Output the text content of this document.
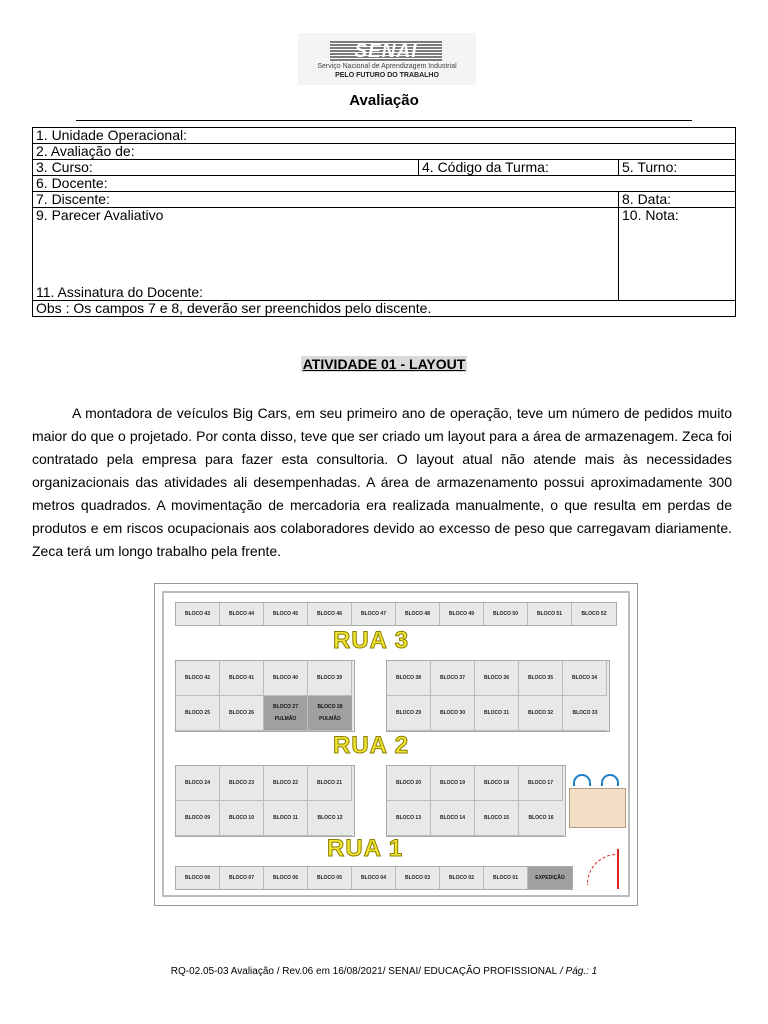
SENAI
Serviço Nacional de Aprendizagem Industrial
PELO FUTURO DO TRABALHO
Avaliação
1. Unidade Operacional:		
2. Avaliação de:		
3. Curso:	4. Código da Turma:	5. Turno:
6. Docente:		
7. Discente:		8. Data:
9. Parecer Avaliativo
11. Assinatura do Docente:		10. Nota:
Obs : Os campos 7 e 8, deverão ser preenchidos pelo discente.		
ATIVIDADE 01 - LAYOUT

A montadora de veículos Big Cars, em seu primeiro ano de operação, teve um número de pedidos muito maior do que o projetado. Por conta disso, teve que ser criado um layout para a área de armazenagem. Zeca foi contratado pela empresa para fazer esta consultoria. O layout atual não atende mais às necessidades organizacionais das atividades ali desempenhadas. A área de armazenamento possui aproximadamente 300 metros quadrados. A movimentação de mercadoria era realizada manualmente, o que resulta em perdas de produtos e em riscos ocupacionais aos colaboradores devido ao excesso de peso que carregavam diariamente. Zeca terá um longo trabalho pela frente.

BLOCO 43	BLOCO 44	BLOCO 45	BLOCO 46	BLOCO 47	BLOCO 48	BLOCO 49	BLOCO 50	BLOCO 51	BLOCO 52
RUA 3
BLOCO 42	BLOCO 41	BLOCO 40	BLOCO 39
BLOCO 25	BLOCO 26
BLOCO 27
PULMÃO
BLOCO 28
PULMÃO
BLOCO 38	BLOCO 37	BLOCO 36	BLOCO 35	BLOCO 34
BLOCO 29	BLOCO 30	BLOCO 31	BLOCO 32	BLOCO 33
RUA 2
BLOCO 24	BLOCO 23	BLOCO 22	BLOCO 21
BLOCO 09	BLOCO 10	BLOCO 11	BLOCO 12
BLOCO 20	BLOCO 19	BLOCO 18	BLOCO 17
BLOCO 13	BLOCO 14	BLOCO 15	BLOCO 16
RUA 1
BLOCO 08	BLOCO 07	BLOCO 06	BLOCO 05	BLOCO 04	BLOCO 03	BLOCO 02	BLOCO 01	EXPEDIÇÃO
RQ-02.05-03 Avaliação / Rev.06 em 16/08/2021/ SENAI/ EDUCAÇÃO PROFISSIONAL / Pág.: 1
